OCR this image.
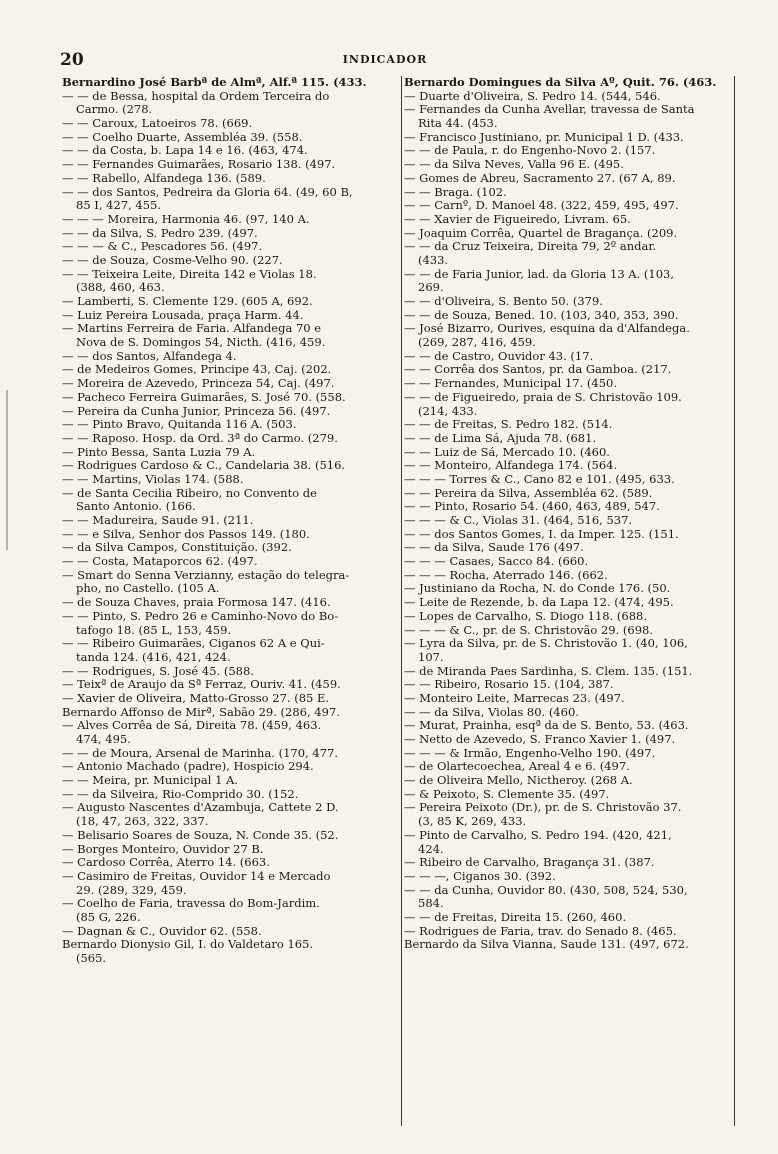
20	INDICADOR
Bernardino José Barbª de Almª, Alf.ª 115. (433.
— — de Bessa, hospital da Ordem Terceira do
Carmo. (278.
— — Caroux, Latoeiros 78. (669.
— — Coelho Duarte, Assembléa 39. (558.
— — da Costa, b. Lapa 14 e 16. (463, 474.
— — Fernandes Guimarães, Rosario 138. (497.
— — Rabello, Alfandega 136. (589.
— — dos Santos, Pedreira da Gloria 64. (49, 60 B,
85 I, 427, 455.
— — — Moreira, Harmonia 46. (97, 140 A.
— — da Silva, S. Pedro 239. (497.
— — — & C., Pescadores 56. (497.
— — de Souza, Cosme-Velho 90. (227.
— — Teixeira Leite, Direita 142 e Violas 18.
(388, 460, 463.
— Lamberti, S. Clemente 129. (605 A, 692.
— Luiz Pereira Lousada, praça Harm. 44.
— Martins Ferreira de Faria. Alfandega 70 e
Nova de S. Domingos 54, Nicth. (416, 459.
— — dos Santos, Alfandega 4.
— de Medeiros Gomes, Principe 43, Caj. (202.
— Moreira de Azevedo, Princeza 54, Caj. (497.
— Pacheco Ferreira Guimarães, S. José 70. (558.
— Pereira da Cunha Junior, Princeza 56. (497.
— — Pinto Bravo, Quitanda 116 A. (503.
— — Raposo. Hosp. da Ord. 3ª do Carmo. (279.
— Pinto Bessa, Santa Luzia 79 A.
— Rodrigues Cardoso & C., Candelaria 38. (516.
— — Martins, Violas 174. (588.
— de Santa Cecilia Ribeiro, no Convento de
Santo Antonio. (166.
— — Madureira, Saude 91. (211.
— — e Silva, Senhor dos Passos 149. (180.
— da Silva Campos, Constituição. (392.
— — Costa, Mataporcos 62. (497.
— Smart do Senna Verzianny, estação do telegra-
pho, no Castello. (105 A.
— de Souza Chaves, praia Formosa 147. (416.
— — Pinto, S. Pedro 26 e Caminho-Novo do Bo-
tafogo 18. (85 L, 153, 459.
— — Ribeiro Guimarães, Ciganos 62 A e Qui-
tanda 124. (416, 421, 424.
— — Rodrigues, S. José 45. (588.
— Teixª de Araujo da Sª Ferraz, Ouriv. 41. (459.
— Xavier de Oliveira, Matto-Grosso 27. (85 E.
Bernardo Affonso de Mirª, Sabão 29. (286, 497.
— Alves Corrêa de Sá, Direita 78. (459, 463.
474, 495.
— — de Moura, Arsenal de Marinha. (170, 477.
— Antonio Machado (padre), Hospicio 294.
— — Meira, pr. Municipal 1 A.
— — da Silveira, Rio-Comprido 30. (152.
— Augusto Nascentes d'Azambuja, Cattete 2 D.
(18, 47, 263, 322, 337.
— Belisario Soares de Souza, N. Conde 35. (52.
— Borges Monteiro, Ouvidor 27 B.
— Cardoso Corrêa, Aterro 14. (663.
— Casimiro de Freitas, Ouvidor 14 e Mercado
29. (289, 329, 459.
— Coelho de Faria, travessa do Bom-Jardim.
(85 G, 226.
— Dagnan & C., Ouvidor 62. (558.
Bernardo Dionysio Gil, I. do Valdetaro 165.
(565.
Bernardo Domingues da Silva Aº, Quit. 76. (463.
— Duarte d'Oliveira, S. Pedro 14. (544, 546.
— Fernandes da Cunha Avellar, travessa de Santa
Rita 44. (453.
— Francisco Justiniano, pr. Municipal 1 D. (433.
— — de Paula, r. do Engenho-Novo 2. (157.
— — da Silva Neves, Valla 96 E. (495.
— Gomes de Abreu, Sacramento 27. (67 A, 89.
— — Braga. (102.
— — Carnº, D. Manoel 48. (322, 459, 495, 497.
— — Xavier de Figueiredo, Livram. 65.
— Joaquim Corrêa, Quartel de Bragança. (209.
— — da Cruz Teixeira, Direita 79, 2º andar.
(433.
— — de Faria Junior, lad. da Gloria 13 A. (103,
269.
— — d'Oliveira, S. Bento 50. (379.
— — de Souza, Bened. 10. (103, 340, 353, 390.
— José Bizarro, Ourives, esquina da d'Alfandega.
(269, 287, 416, 459.
— — de Castro, Ouvidor 43. (17.
— — Corrêa dos Santos, pr. da Gamboa. (217.
— — Fernandes, Municipal 17. (450.
— — de Figueiredo, praia de S. Christovão 109.
(214, 433.
— — de Freitas, S. Pedro 182. (514.
— — de Lima Sá, Ajuda 78. (681.
— — Luiz de Sá, Mercado 10. (460.
— — Monteiro, Alfandega 174. (564.
— — — Torres & C., Cano 82 e 101. (495, 633.
— — Pereira da Silva, Assembléa 62. (589.
— — Pinto, Rosario 54. (460, 463, 489, 547.
— — — & C., Violas 31. (464, 516, 537.
— — dos Santos Gomes, I. da Imper. 125. (151.
— — da Silva, Saude 176 (497.
— — — Casaes, Sacco 84. (660.
— — — Rocha, Aterrado 146. (662.
— Justiniano da Rocha, N. do Conde 176. (50.
— Leite de Rezende, b. da Lapa 12. (474, 495.
— Lopes de Carvalho, S. Diogo 118. (688.
— — — & C., pr. de S. Christovão 29. (698.
— Lyra da Silva, pr. de S. Christovão 1. (40, 106,
107.
— de Miranda Paes Sardinha, S. Clem. 135. (151.
— — Ribeiro, Rosario 15. (104, 387.
— Monteiro Leite, Marrecas 23. (497.
— — da Silva, Violas 80. (460.
— Murat, Prainha, esqª da de S. Bento, 53. (463.
— Netto de Azevedo, S. Franco Xavier 1. (497.
— — — & Irmão, Engenho-Velho 190. (497.
— de Olartecoechea, Areal 4 e 6. (497.
— de Oliveira Mello, Nictheroy. (268 A.
— & Peixoto, S. Clemente 35. (497.
— Pereira Peixoto (Dr.), pr. de S. Christovão 37.
(3, 85 K, 269, 433.
— Pinto de Carvalho, S. Pedro 194. (420, 421,
424.
— Ribeiro de Carvalho, Bragança 31. (387.
— — —, Ciganos 30. (392.
— — da Cunha, Ouvidor 80. (430, 508, 524, 530,
584.
— — de Freitas, Direita 15. (260, 460.
— Rodrigues de Faria, trav. do Senado 8. (465.
Bernardo da Silva Vianna, Saude 131. (497, 672.
